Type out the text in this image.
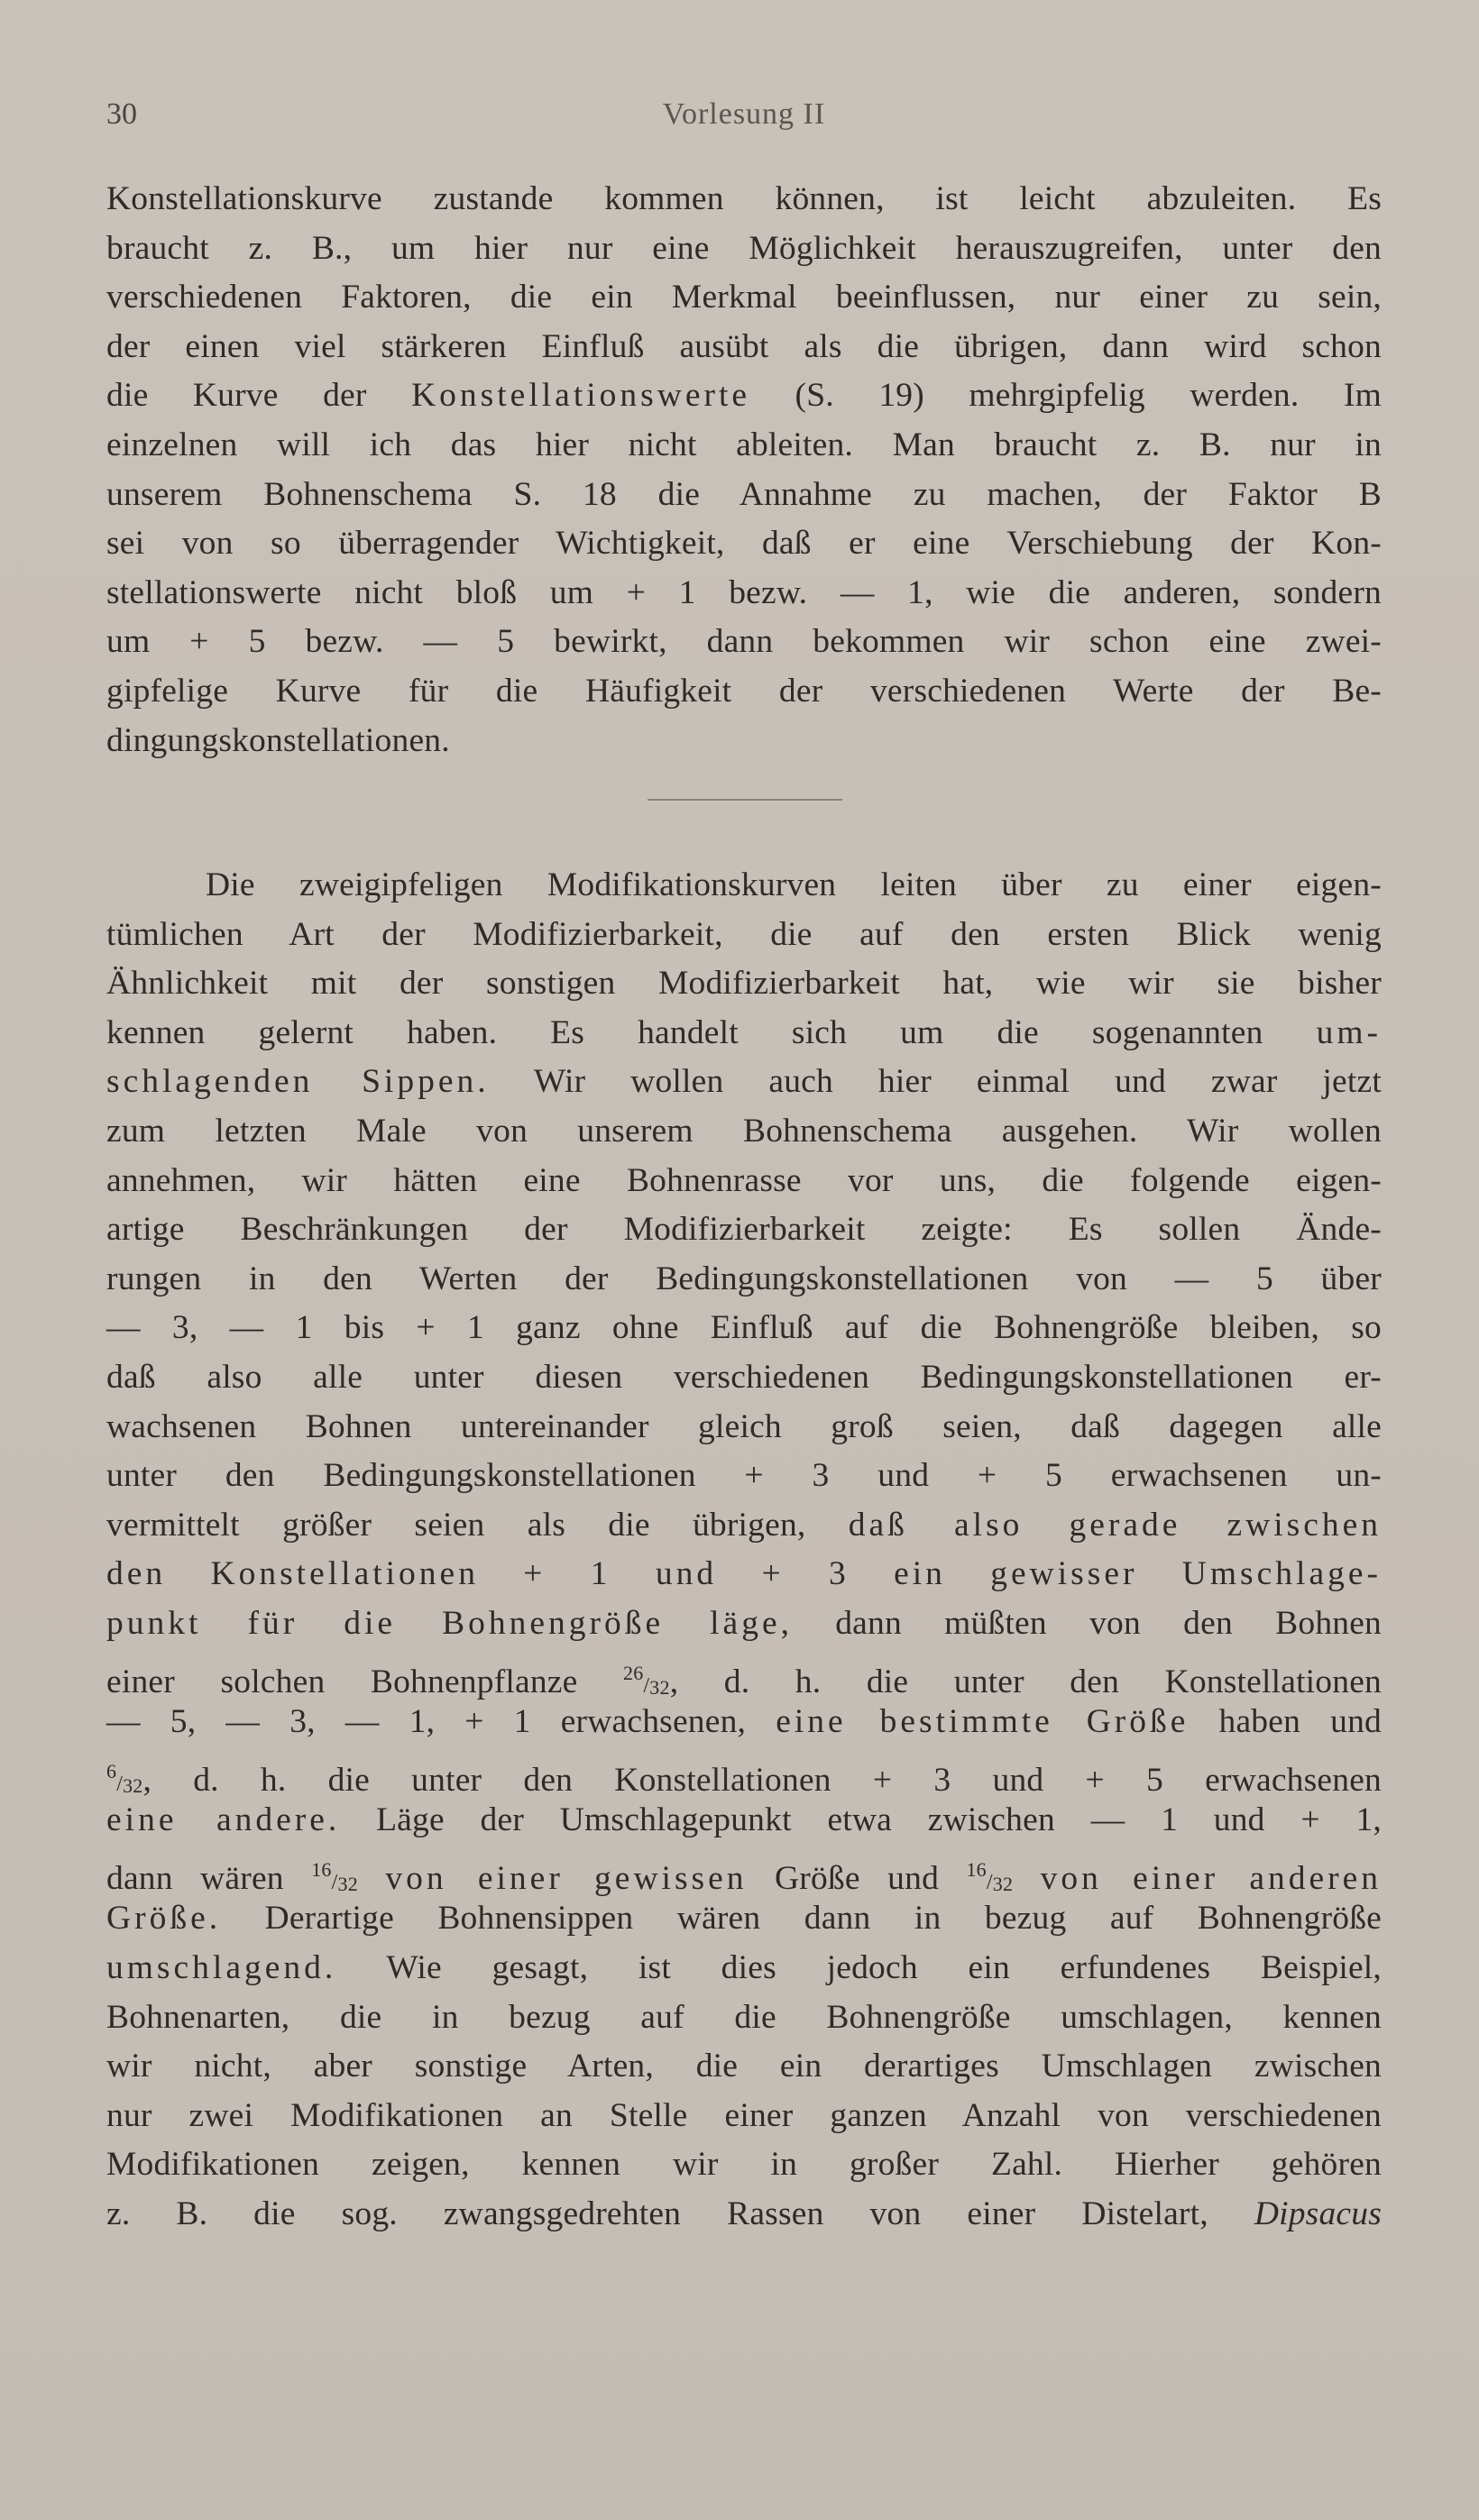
30	Vorlesung II
Konstellationskurve zustande kommen können, ist leicht abzuleiten. Es
braucht z. B., um hier nur eine Möglichkeit herauszugreifen, unter den
verschiedenen Faktoren, die ein Merkmal beeinflussen, nur einer zu sein,
der einen viel stärkeren Einfluß ausübt als die übrigen, dann wird schon
die Kurve der Konstellationswerte (S. 19) mehrgipfelig werden. Im
einzelnen will ich das hier nicht ableiten. Man braucht z. B. nur in
unserem Bohnenschema S. 18 die Annahme zu machen, der Faktor B
sei von so überragender Wichtigkeit, daß er eine Verschiebung der Kon-
stellationswerte nicht bloß um + 1 bezw. — 1, wie die anderen, sondern
um + 5 bezw. — 5 bewirkt, dann bekommen wir schon eine zwei-
gipfelige Kurve für die Häufigkeit der verschiedenen Werte der Be-
dingungskonstellationen.
Die zweigipfeligen Modifikationskurven leiten über zu einer eigen-
tümlichen Art der Modifizierbarkeit, die auf den ersten Blick wenig
Ähnlichkeit mit der sonstigen Modifizierbarkeit hat, wie wir sie bisher
kennen gelernt haben. Es handelt sich um die sogenannten um-
schlagenden Sippen. Wir wollen auch hier einmal und zwar jetzt
zum letzten Male von unserem Bohnenschema ausgehen. Wir wollen
annehmen, wir hätten eine Bohnenrasse vor uns, die folgende eigen-
artige Beschränkungen der Modifizierbarkeit zeigte: Es sollen Ände-
rungen in den Werten der Bedingungskonstellationen von — 5 über
— 3, — 1 bis + 1 ganz ohne Einfluß auf die Bohnengröße bleiben, so
daß also alle unter diesen verschiedenen Bedingungskonstellationen er-
wachsenen Bohnen untereinander gleich groß seien, daß dagegen alle
unter den Bedingungskonstellationen + 3 und + 5 erwachsenen un-
vermittelt größer seien als die übrigen, daß also gerade zwischen
den Konstellationen + 1 und + 3 ein gewisser Umschlage-
punkt für die Bohnengröße läge, dann müßten von den Bohnen
einer solchen Bohnenpflanze $^{26}/_{32}$, d. h. die unter den Konstellationen
— 5, — 3, — 1, + 1 erwachsenen, eine bestimmte Größe haben und
$^6/_{32}$, d. h. die unter den Konstellationen + 3 und + 5 erwachsenen
eine andere. Läge der Umschlagepunkt etwa zwischen — 1 und + 1,
dann wären $^{16}/_{32}$ von einer gewissen Größe und $^{16}/_{32}$ von einer anderen
Größe. Derartige Bohnensippen wären dann in bezug auf Bohnengröße
umschlagend. Wie gesagt, ist dies jedoch ein erfundenes Beispiel,
Bohnenarten, die in bezug auf die Bohnengröße umschlagen, kennen
wir nicht, aber sonstige Arten, die ein derartiges Umschlagen zwischen
nur zwei Modifikationen an Stelle einer ganzen Anzahl von verschiedenen
Modifikationen zeigen, kennen wir in großer Zahl. Hierher gehören
z. B. die sog. zwangsgedrehten Rassen von einer Distelart, Dipsacus
